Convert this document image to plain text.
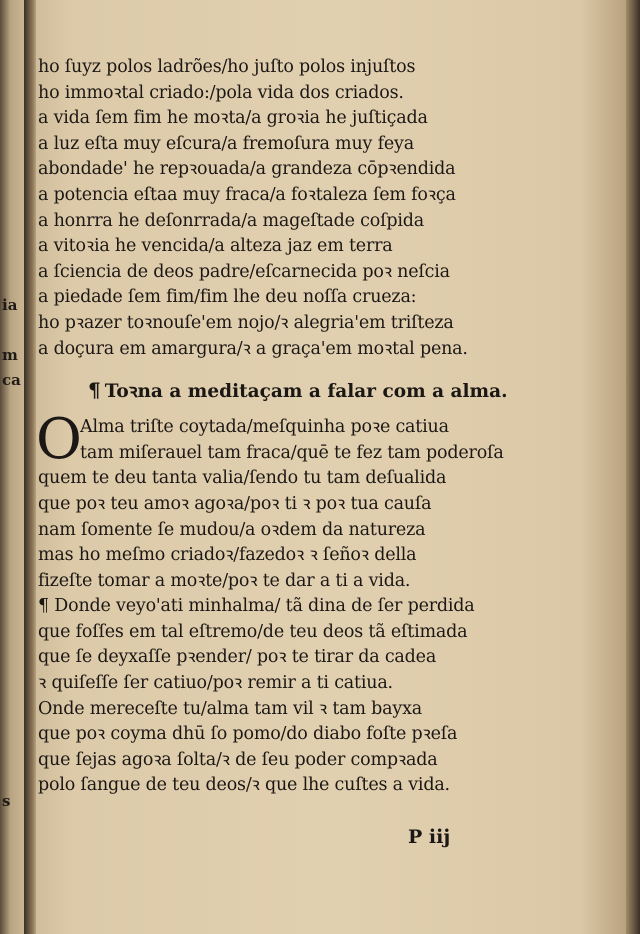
ia
m
ca
s
ho ſuyz polos ladrões/ho juſto polos injuſtos
ho immoꝛtal criado:/pola vida dos criados.
a vida ſem fim he moꝛta/a groꝛia he juſtiçada
a luz eſta muy eſcura/a fremoſura muy feya
abondade' he repꝛouada/a grandeza cōpꝛendida
a potencia eſtaa muy fraca/a foꝛtaleza ſem foꝛça
a honrra he deſonrrada/a mageſtade coſpida
a vitoꝛia he vencida/a alteza jaz em terra
a ſciencia de deos padre/eſcarnecida poꝛ neſcia
a piedade ſem fim/fim lhe deu noſſa crueza:
ho pꝛazer toꝛnouſe'em nojo/ꝛ alegria'em triſteza
a doçura em amargura/ꝛ a graça'em moꝛtal pena.
¶ Toꝛna a meditaçam a falar com a alma.
O
Alma triſte coytada/meſquinha poꝛe catiua
tam miſerauel tam fraca/quē te fez tam poderoſa
quem te deu tanta valia/ſendo tu tam deſualida
que poꝛ teu amoꝛ agoꝛa/poꝛ ti ꝛ poꝛ tua cauſa
nam ſomente ſe mudou/a oꝛdem da natureza
mas ho meſmo criadoꝛ/fazedoꝛ ꝛ ſeñoꝛ della
fizeſte tomar a moꝛte/poꝛ te dar a ti a vida.
¶ Donde veyo'ati minhalma/ tã dina de ſer perdida
que foſſes em tal eſtremo/de teu deos tã eſtimada
que ſe deyxaſſe pꝛender/ poꝛ te tirar da cadea
ꝛ quiſeſſe ſer catiuo/poꝛ remir a ti catiua.
Onde mereceſte tu/alma tam vil ꝛ tam bayxa
que poꝛ coyma dhū ſo pomo/do diabo foſte pꝛeſa
que ſejas agoꝛa ſolta/ꝛ de ſeu poder compꝛada
polo ſangue de teu deos/ꝛ que lhe cuſtes a vida.
P iij
